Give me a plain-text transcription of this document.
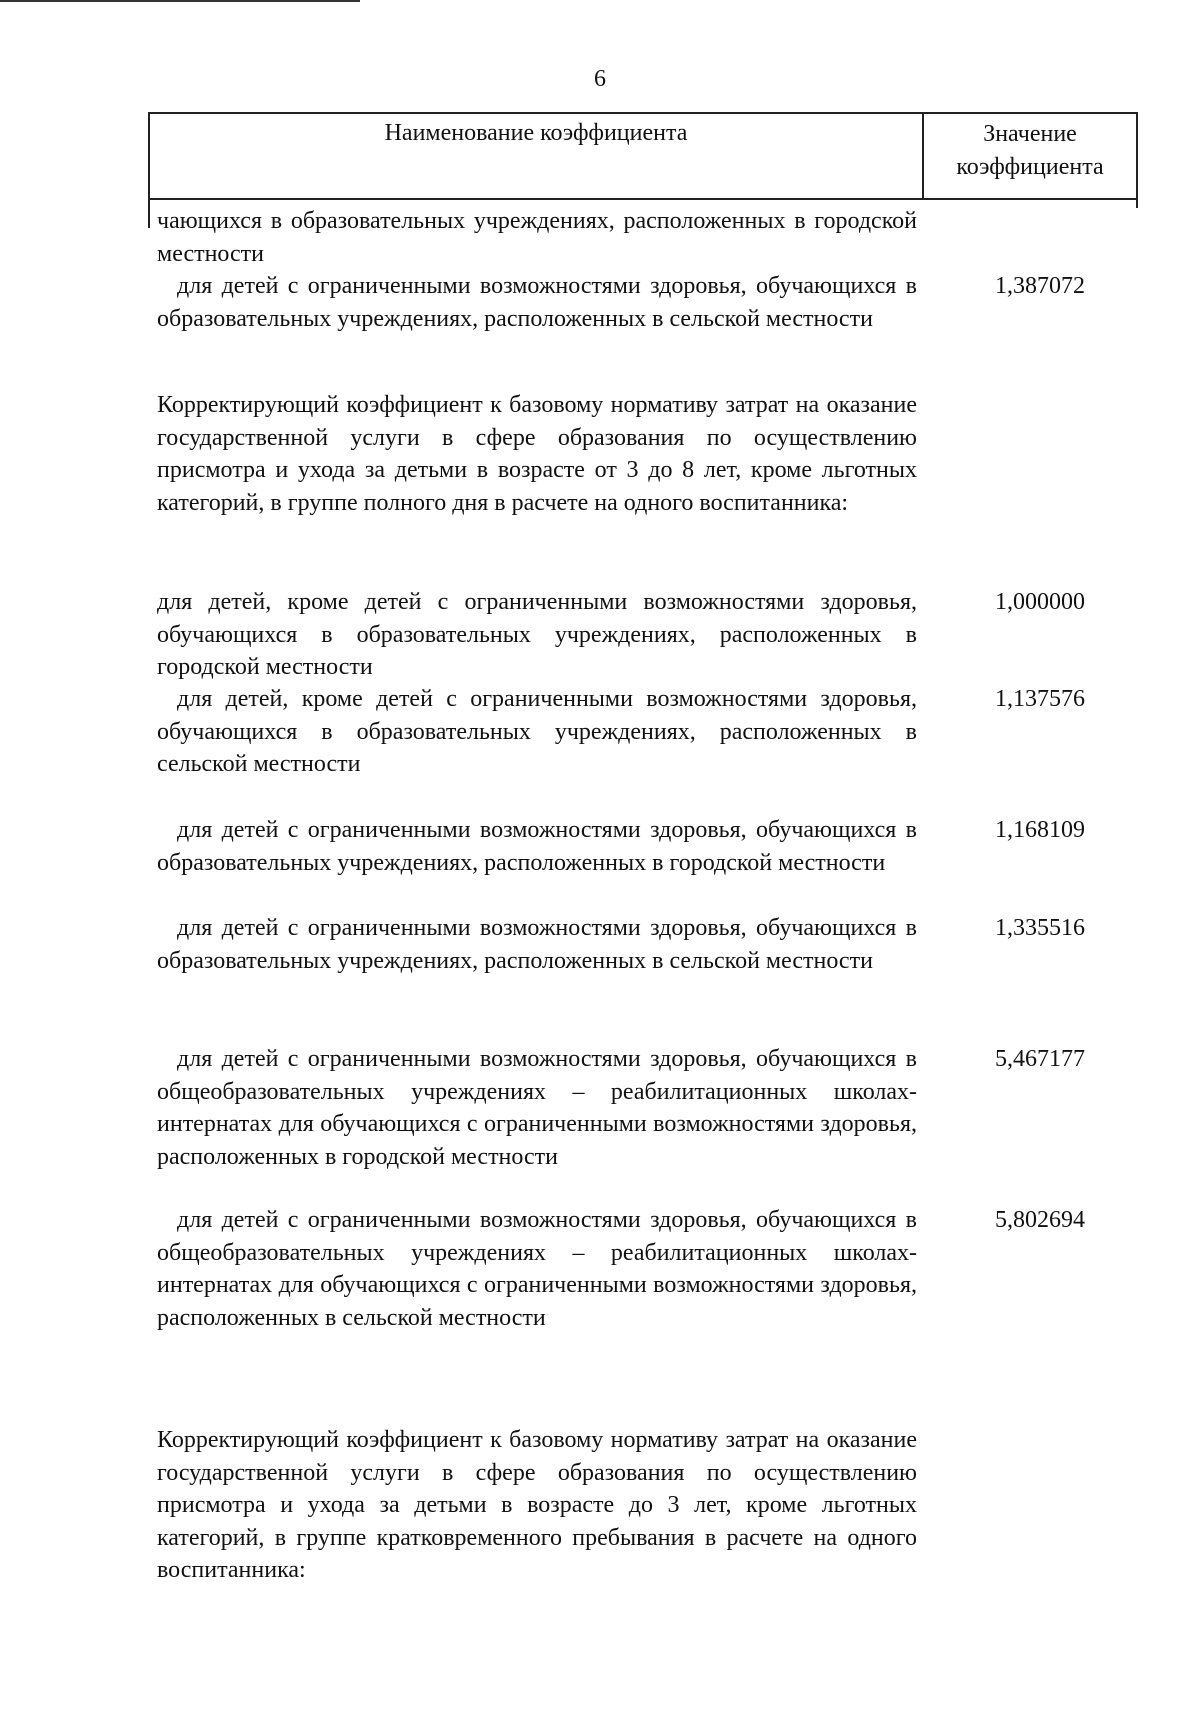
6
Наименование коэффициента	Значение
коэффициента
чающихся в образовательных учреждениях, расположенных в городской местности
для детей с ограниченными возможностями здоровья, обучающихся в образовательных учреждениях, расположенных в сельской местности
1,387072
Корректирующий коэффициент к базовому нормативу затрат на оказание государственной услуги в сфере образования по осуществлению присмотра и ухода за детьми в возрасте от 3 до 8 лет, кроме льготных категорий, в группе полного дня в расчете на одного воспитанника:
для детей, кроме детей с ограниченными возможностями здоровья, обучающихся в образовательных учреждениях, расположенных в городской местности
1,000000
для детей, кроме детей с ограниченными возможностями здоровья, обучающихся в образовательных учреждениях, расположенных в сельской местности
1,137576
для детей с ограниченными возможностями здоровья, обучающихся в образовательных учреждениях, расположенных в городской местности
1,168109
для детей с ограниченными возможностями здоровья, обучающихся в образовательных учреждениях, расположенных в сельской местности
1,335516
для детей с ограниченными возможностями здоровья, обучающихся в общеобразовательных учреждениях – реабилитационных школах-интернатах для обучающихся с ограниченными возможностями здоровья, расположенных в городской местности
5,467177
для детей с ограниченными возможностями здоровья, обучающихся в общеобразовательных учреждениях – реабилитационных школах-интернатах для обучающихся с ограниченными возможностями здоровья, расположенных в сельской местности
5,802694
Корректирующий коэффициент к базовому нормативу затрат на оказание государственной услуги в сфере образования по осуществлению присмотра и ухода за детьми в возрасте до 3 лет, кроме льготных категорий, в группе кратковременного пребывания в расчете на одного воспитанника:
